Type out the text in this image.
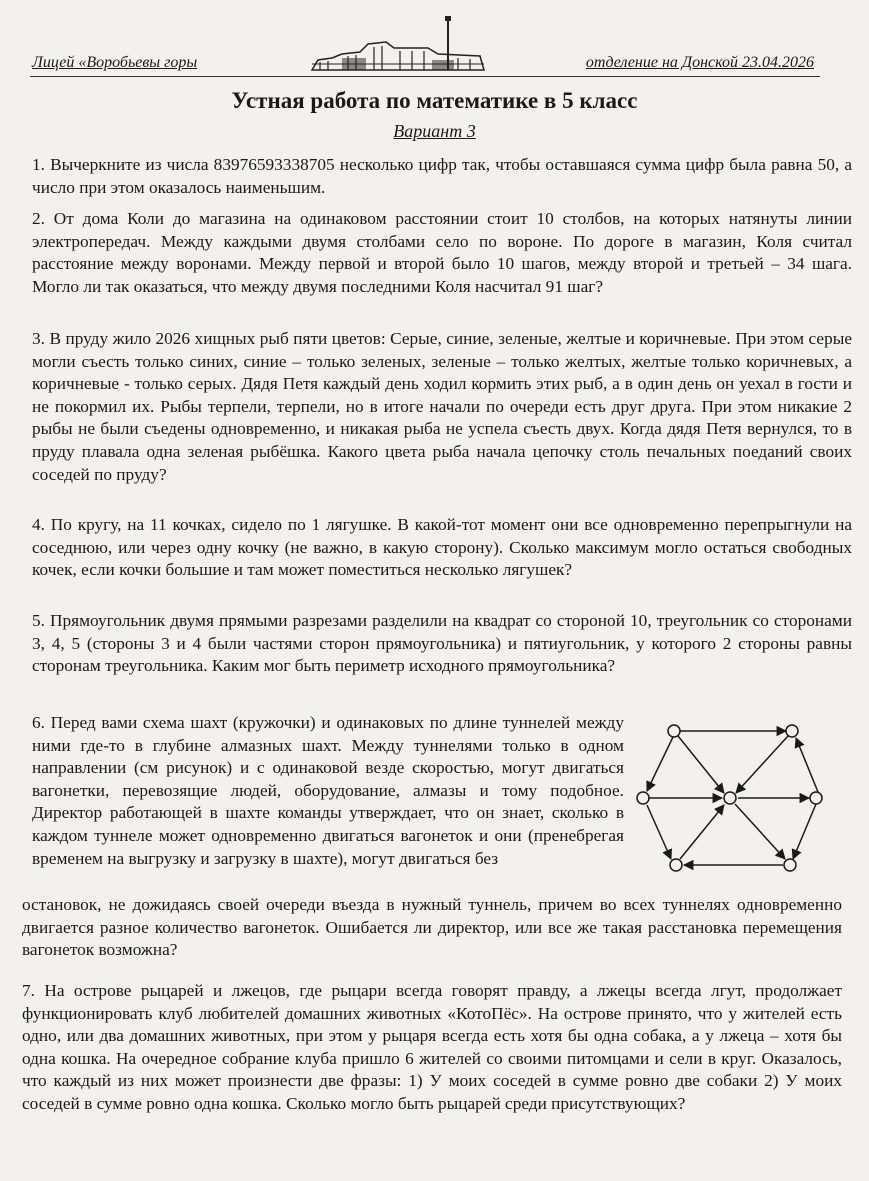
Лицей «Воробьевы горы	отделение на Донской 23.04.2026
Устная работа по математике в 5 класс
Вариант 3

1. Вычеркните из числа 83976593338705 несколько цифр так, чтобы оставшаяся сумма цифр была равна 50, а число при этом оказалось наименьшим.

2. От дома Коли до магазина на одинаковом расстоянии стоит 10 столбов, на которых натянуты линии электропередач. Между каждыми двумя столбами село по вороне. По дороге в магазин, Коля считал расстояние между воронами. Между первой и второй было 10 шагов, между второй и третьей – 34 шага. Могло ли так оказаться, что между двумя последними Коля насчитал 91 шаг?

3. В пруду жило 2026 хищных рыб пяти цветов: Серые, синие, зеленые, желтые и коричневые. При этом серые могли съесть только синих, синие – только зеленых, зеленые – только желтых, желтые только коричневых, а коричневые - только серых. Дядя Петя каждый день ходил кормить этих рыб, а в один день он уехал в гости и не покормил их. Рыбы терпели, терпели, но в итоге начали по очереди есть друг друга. При этом никакие 2 рыбы не были съедены одновременно, и никакая рыба не успела съесть двух. Когда дядя Петя вернулся, то в пруду плавала одна зеленая рыбёшка. Какого цвета рыба начала цепочку столь печальных поеданий своих соседей по пруду?

4. По кругу, на 11 кочках, сидело по 1 лягушке. В какой-тот момент они все одновременно перепрыгнули на соседнюю, или через одну кочку (не важно, в какую сторону). Сколько максимум могло остаться свободных кочек, если кочки большие и там может поместиться несколько лягушек?

5. Прямоугольник двумя прямыми разрезами разделили на квадрат со стороной 10, треугольник со сторонами 3, 4, 5 (стороны 3 и 4 были частями сторон прямоугольника) и пятиугольник, у которого 2 стороны равны сторонам треугольника. Каким мог быть периметр исходного прямоугольника?

6. Перед вами схема шахт (кружочки) и одинаковых по длине туннелей между ними где-то в глубине алмазных шахт. Между туннелями только в одном направлении (см рисунок) и с одинаковой везде скоростью, могут двигаться вагонетки, перевозящие людей, оборудование, алмазы и тому подобное. Директор работающей в шахте команды утверждает, что он знает, сколько в каждом туннеле может одновременно двигаться вагонеток и они (пренебрегая временем на выгрузку и загрузку в шахте), могут двигаться без

остановок, не дожидаясь своей очереди въезда в нужный туннель, причем во всех туннелях одновременно двигается разное количество вагонеток. Ошибается ли директор, или все же такая расстановка перемещения вагонеток возможна?

7. На острове рыцарей и лжецов, где рыцари всегда говорят правду, а лжецы всегда лгут, продолжает функционировать клуб любителей домашних животных «КотоПёс». На острове принято, что у жителей есть одно, или два домашних животных, при этом у рыцаря всегда есть хотя бы одна собака, а у лжеца – хотя бы одна кошка. На очередное собрание клуба пришло 6 жителей со своими питомцами и сели в круг. Оказалось, что каждый из них может произнести две фразы: 1) У моих соседей в сумме ровно две собаки 2) У моих соседей в сумме ровно одна кошка. Сколько могло быть рыцарей среди присутствующих?
